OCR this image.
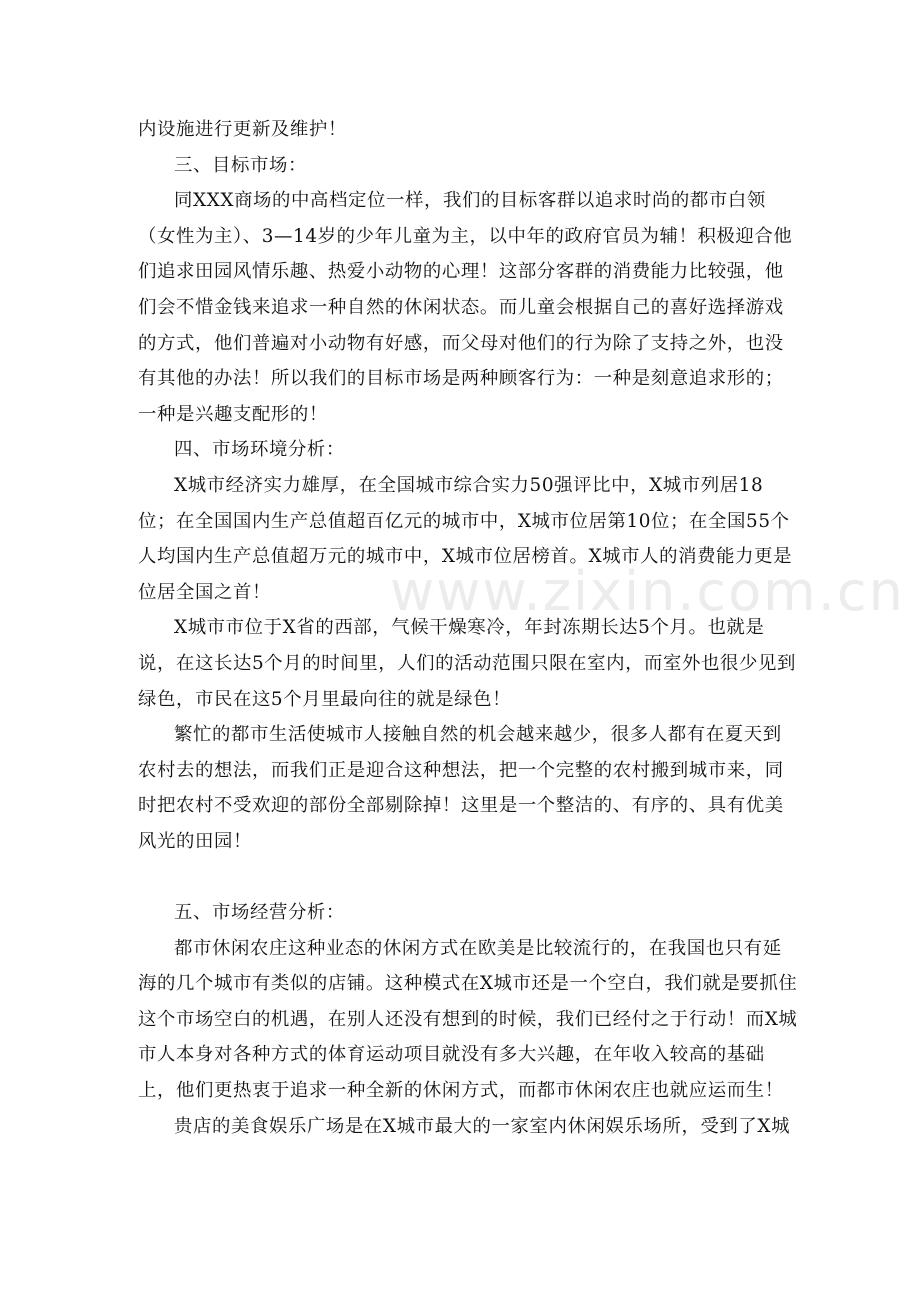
内设施进行更新及维护！

三、目标市场：

同XXX商场的中高档定位一样，我们的目标客群以追求时尚的都市白领（女性为主）、3—14岁的少年儿童为主，以中年的政府官员为辅！积极迎合他们追求田园风情乐趣、热爱小动物的心理！这部分客群的消费能力比较强，他们会不惜金钱来追求一种自然的休闲状态。而儿童会根据自己的喜好选择游戏的方式，他们普遍对小动物有好感，而父母对他们的行为除了支持之外，也没有其他的办法！所以我们的目标市场是两种顾客行为：一种是刻意追求形的；一种是兴趣支配形的！

四、市场环境分析：

X城市经济实力雄厚，在全国城市综合实力50强评比中，X城市列居18位；在全国国内生产总值超百亿元的城市中，X城市位居第10位；在全国55个人均国内生产总值超万元的城市中，X城市位居榜首。X城市人的消费能力更是位居全国之首！

X城市市位于X省的西部，气候干燥寒冷，年封冻期长达5个月。也就是说，在这长达5个月的时间里，人们的活动范围只限在室内，而室外也很少见到绿色，市民在这5个月里最向往的就是绿色！

繁忙的都市生活使城市人接触自然的机会越来越少，很多人都有在夏天到农村去的想法，而我们正是迎合这种想法，把一个完整的农村搬到城市来，同时把农村不受欢迎的部份全部剔除掉！这里是一个整洁的、有序的、具有优美风光的田园！

五、市场经营分析：

都市休闲农庄这种业态的休闲方式在欧美是比较流行的，在我国也只有延海的几个城市有类似的店铺。这种模式在X城市还是一个空白，我们就是要抓住这个市场空白的机遇，在别人还没有想到的时候，我们已经付之于行动！而X城市人本身对各种方式的体育运动项目就没有多大兴趣，在年收入较高的基础上，他们更热衷于追求一种全新的休闲方式，而都市休闲农庄也就应运而生！

贵店的美食娱乐广场是在X城市最大的一家室内休闲娱乐场所，受到了X城

www.zixin.com.cn
